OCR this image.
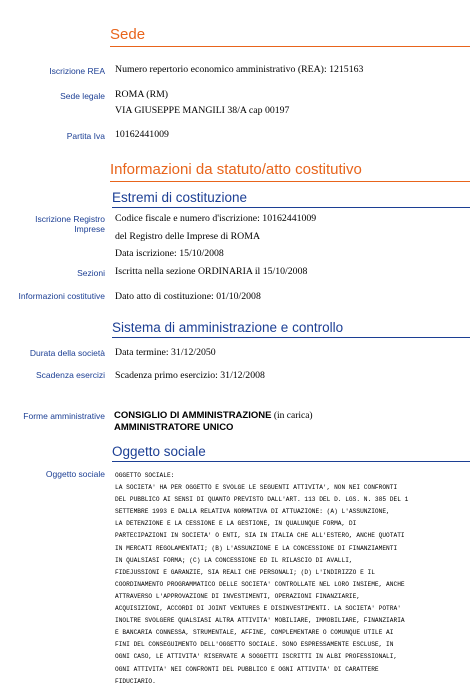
Sede
Iscrizione REA Numero repertorio economico amministrativo (REA): 1215163
Sede legale ROMA (RM)
VIA GIUSEPPE MANGILI 38/A cap 00197
Partita Iva 10162441009
Informazioni da statuto/atto costitutivo
Estremi di costituzione
Iscrizione Registro Imprese
Codice fiscale e numero d'iscrizione: 10162441009
del Registro delle Imprese di ROMA
Data iscrizione: 15/10/2008
Sezioni Iscritta nella sezione ORDINARIA il 15/10/2008
Informazioni costitutive Dato atto di costituzione: 01/10/2008
Sistema di amministrazione e controllo
Durata della società Data termine: 31/12/2050
Scadenza esercizi Scadenza primo esercizio: 31/12/2008
Forme amministrative CONSIGLIO DI AMMINISTRAZIONE (in carica)
AMMINISTRATORE UNICO
Oggetto sociale
Oggetto sociale OGGETTO SOCIALE:
LA SOCIETA' HA PER OGGETTO E SVOLGE LE SEGUENTI ATTIVITA', NON NEI CONFRONTI
DEL PUBBLICO AI SENSI DI QUANTO PREVISTO DALL'ART. 113 DEL D. LGS. N. 385 DEL 1
SETTEMBRE 1993 E DALLA RELATIVA NORMATIVA DI ATTUAZIONE: (A) L'ASSUNZIONE,
LA DETENZIONE E LA CESSIONE E LA GESTIONE, IN QUALUNQUE FORMA, DI
PARTECIPAZIONI IN SOCIETA' O ENTI, SIA IN ITALIA CHE ALL'ESTERO, ANCHE QUOTATI
IN MERCATI REGOLAMENTATI; (B) L'ASSUNZIONE E LA CONCESSIONE DI FINANZIAMENTI
IN QUALSIASI FORMA; (C) LA CONCESSIONE ED IL RILASCIO DI AVALLI,
FIDEJUSSIONI E GARANZIE, SIA REALI CHE PERSONALI; (D) L'INDIRIZZO E IL
COORDINAMENTO PROGRAMMATICO DELLE SOCIETA' CONTROLLATE NEL LORO INSIEME, ANCHE
ATTRAVERSO L'APPROVAZIONE DI INVESTIMENTI, OPERAZIONI FINANZIARIE,
ACQUISIZIONI, ACCORDI DI JOINT VENTURES E DISINVESTIMENTI. LA SOCIETA' POTRA'
INOLTRE SVOLGERE QUALSIASI ALTRA ATTIVITA' MOBILIARE, IMMOBILIARE, FINANZIARIA
E BANCARIA CONNESSA, STRUMENTALE, AFFINE, COMPLEMENTARE O COMUNQUE UTILE AI
FINI DEL CONSEGUIMENTO DELL'OGGETTO SOCIALE. SONO ESPRESSAMENTE ESCLUSE, IN
OGNI CASO, LE ATTIVITA' RISERVATE A SOGGETTI ISCRITTI IN ALBI PROFESSIONALI,
OGNI ATTIVITA' NEI CONFRONTI DEL PUBBLICO E OGNI ATTIVITA' DI CARATTERE
FIDUCIARIO.
